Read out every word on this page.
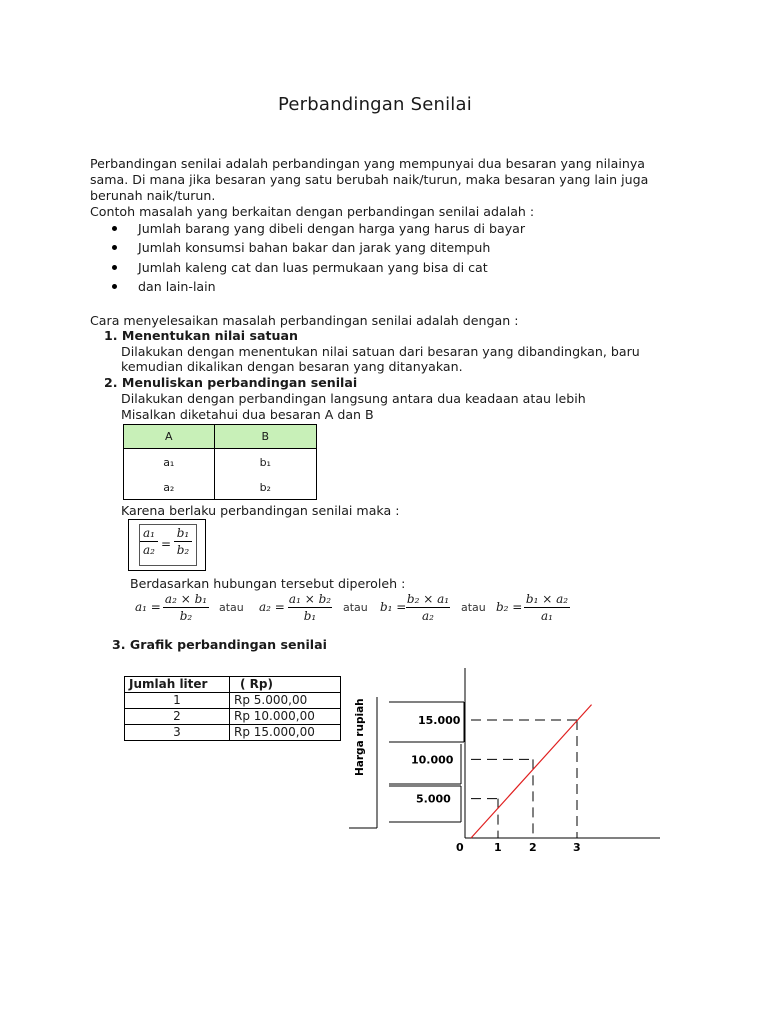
Perbandingan Senilai
Perbandingan senilai adalah perbandingan yang mempunyai dua besaran yang nilainya
sama. Di mana jika besaran yang satu berubah naik/turun, maka besaran yang lain juga
berunah naik/turun.
Contoh masalah yang berkaitan dengan perbandingan senilai adalah :
Jumlah barang yang dibeli dengan harga yang harus di bayar
Jumlah konsumsi bahan bakar dan jarak yang ditempuh
Jumlah kaleng cat dan luas permukaan yang bisa di cat
dan lain-lain
Cara menyelesaikan masalah perbandingan senilai adalah dengan :
1. Menentukan nilai satuan
Dilakukan dengan menentukan nilai satuan dari besaran yang dibandingkan, baru
kemudian dikalikan dengan besaran yang ditanyakan.
2. Menuliskan perbandingan senilai
Dilakukan dengan perbandingan langsung antara dua keadaan atau lebih
Misalkan diketahui dua besaran A dan B
A	B
a₁	b₁
a₂	b₂
Karena berlaku perbandingan senilai maka :
a₁
a₂ =
b₁
b₂
Berdasarkan hubungan tersebut diperoleh :
a₁ =
a₂ × b₁
b₂
atau a₂ =
a₁ × b₂
b₁
atau b₁ =
b₂ × a₁
a₂
atau b₂ =
b₁ × a₂
a₁
3. Grafik perbandingan senilai
Jumlah liter	( Rp)
1	Rp 5.000,00
2	Rp 10.000,00
3	Rp 15.000,00	Harga rupiah
5.000
10.000
15.000
0	1 2	3
